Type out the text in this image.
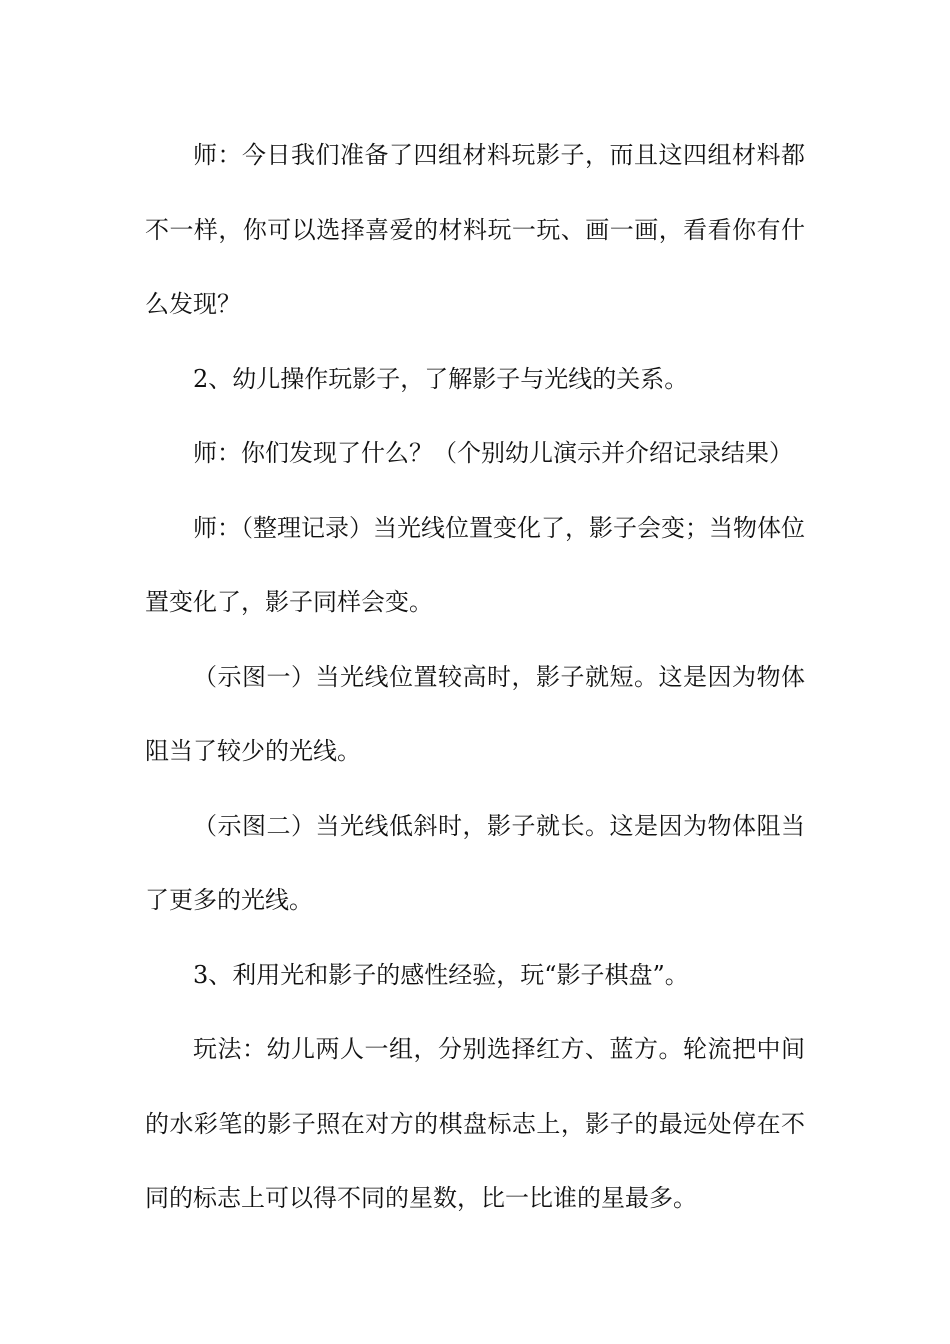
师：今日我们准备了四组材料玩影子，而且这四组材料都不一样，你可以选择喜爱的材料玩一玩、画一画，看看你有什么发现？

2、幼儿操作玩影子，了解影子与光线的关系。

师：你们发现了什么？（个别幼儿演示并介绍记录结果）

师：（整理记录）当光线位置变化了，影子会变；当物体位置变化了，影子同样会变。

（示图一）当光线位置较高时，影子就短。这是因为物体阻当了较少的光线。

（示图二）当光线低斜时，影子就长。这是因为物体阻当了更多的光线。

3、利用光和影子的感性经验，玩“影子棋盘”。

玩法：幼儿两人一组，分别选择红方、蓝方。轮流把中间的水彩笔的影子照在对方的棋盘标志上，影子的最远处停在不同的标志上可以得不同的星数，比一比谁的星最多。
